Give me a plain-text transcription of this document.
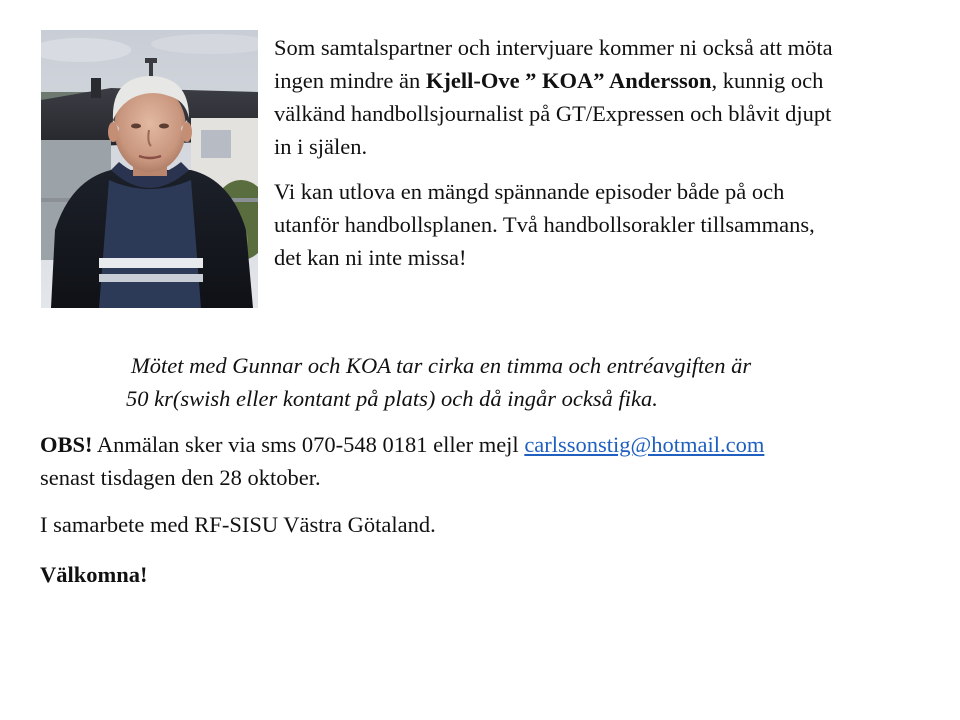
Som samtalspartner och intervjuare kommer ni också att möta
ingen mindre än Kjell-Ove ” KOA” Andersson, kunnig och
välkänd handbollsjournalist på GT/Expressen och blåvit djupt
in i själen.

Vi kan utlova en mängd spännande episoder både på och
utanför handbollsplanen. Två handbollsorakler tillsammans,
det kan ni inte missa!

Mötet med Gunnar och KOA tar cirka en timma och entréavgiften är
50 kr(swish eller kontant på plats) och då ingår också fika.
OBS! Anmälan sker via sms 070-548 0181 eller mejl carlssonstig@hotmail.com
senast tisdagen den 28 oktober.
I samarbete med RF-SISU Västra Götaland.
Välkomna!
